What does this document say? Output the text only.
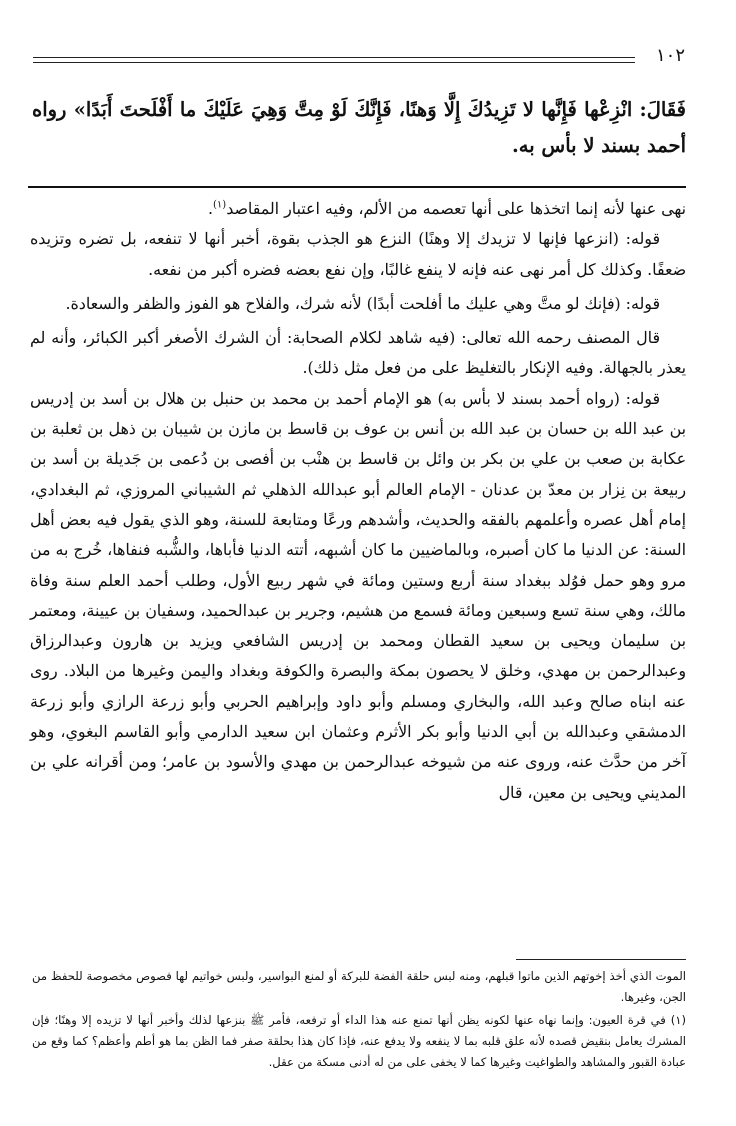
١٠٢
فَقَالَ: انْزِعْها فَإِنَّها لا تَزِيدُكَ إِلَّا وَهنًا، فَإِنَّكَ لَوْ مِتَّ وَهِيَ عَلَيْكَ ما أَفْلَحتَ أَبَدًا» رواه أحمد بسند لا بأس به.

نهى عنها لأنه إنما اتخذها على أنها تعصمه من الألم، وفيه اعتبار المقاصد$^{(١)}$.

قوله: (انزعها فإنها لا تزيدك إلا وهنًا) النزع هو الجذب بقوة، أخبر أنها لا تنفعه، بل تضره وتزيده ضعفًا. وكذلك كل أمر نهى عنه فإنه لا ينفع غالبًا، وإن نفع بعضه فضره أكبر من نفعه.

قوله: (فإنك لو متَّ وهي عليك ما أفلحت أبدًا) لأنه شرك، والفلاح هو الفوز والظفر والسعادة.

قال المصنف رحمه الله تعالى: (فيه شاهد لكلام الصحابة: أن الشرك الأصغر أكبر الكبائر، وأنه لم يعذر بالجهالة. وفيه الإنكار بالتغليظ على من فعل مثل ذلك).

قوله: (رواه أحمد بسند لا بأس به) هو الإمام أحمد بن محمد بن حنبل بن هلال بن أسد بن إدريس بن عبد الله بن حسان بن عبد الله بن أنس بن عوف بن قاسط بن مازن بن شيبان بن ذهل بن ثعلبة بن عكابة بن صعب بن علي بن بكر بن وائل بن قاسط بن هنْب بن أفصى بن دُعمى بن جَديلة بن أسد بن ربيعة بن نِزار بن معدّ بن عدنان - الإمام العالم أبو عبدالله الذهلي ثم الشيباني المروزي، ثم البغدادي، إمام أهل عصره وأعلمهم بالفقه والحديث، وأشدهم ورعًا ومتابعة للسنة، وهو الذي يقول فيه بعض أهل السنة: عن الدنيا ما كان أصبره، وبالماضيين ما كان أشبهه، أتته الدنيا فأباها، والشُّبه فنفاها، خُرج به من مرو وهو حمل فوُلد ببغداد سنة أربع وستين ومائة في شهر ربيع الأول، وطلب أحمد العلم سنة وفاة مالك، وهي سنة تسع وسبعين ومائة فسمع من هشيم، وجرير بن عبدالحميد، وسفيان بن عيينة، ومعتمر بن سليمان ويحيى بن سعيد القطان ومحمد بن إدريس الشافعي ويزيد بن هارون وعبدالرزاق وعبدالرحمن بن مهدي، وخلق لا يحصون بمكة والبصرة والكوفة وبغداد واليمن وغيرها من البلاد. روى عنه ابناه صالح وعبد الله، والبخاري ومسلم وأبو داود وإبراهيم الحربي وأبو زرعة الرازي وأبو زرعة الدمشقي وعبدالله بن أبي الدنيا وأبو بكر الأثرم وعثمان ابن سعيد الدارمي وأبو القاسم البغوي، وهو آخر من حدَّث عنه، وروى عنه من شيوخه عبدالرحمن بن مهدي والأسود بن عامر؛ ومن أقرانه علي بن المديني ويحيى بن معين، قال

الموت الذي أخذ إخوتهم الذين ماتوا قبلهم، ومنه لبس حلقة الفضة للبركة أو لمنع البواسير، ولبس خواتيم لها فصوص مخصوصة للحفظ من الجن، وغيرها.

(١) في قرة العيون: وإنما نهاه عنها لكونه يظن أنها تمنع عنه هذا الداء أو ترفعه، فأمر ﷺ بنزعها لذلك وأخبر أنها لا تزيده إلا وهنًا؛ فإن المشرك يعامل بنقيض قصده لأنه علق قلبه بما لا ينفعه ولا يدفع عنه، فإذا كان هذا بحلقة صفر فما الظن بما هو أطم وأعظم؟ كما وقع من عبادة القبور والمشاهد والطواغيت وغيرها كما لا يخفى على من له أدنى مسكة من عقل.
